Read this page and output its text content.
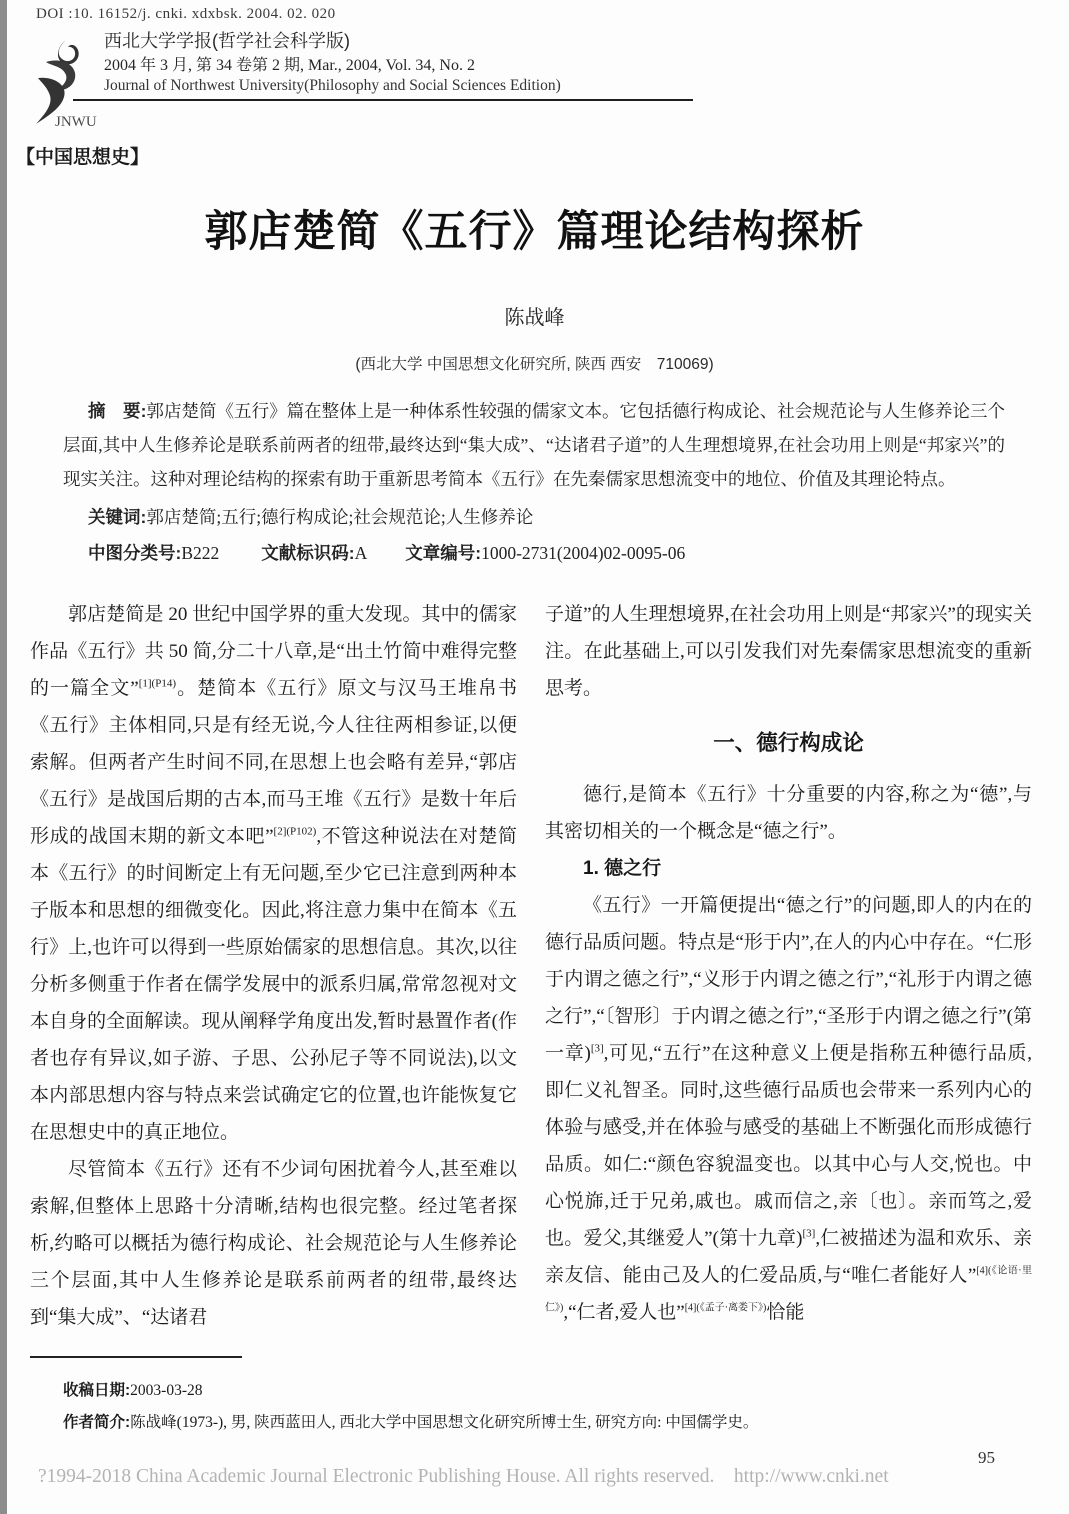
DOI :10. 16152/j. cnki. xdxbsk. 2004. 02. 020
JNWU
西北大学学报(哲学社会科学版)
2004 年 3 月, 第 34 卷第 2 期, Mar., 2004, Vol. 34, No. 2
Journal of Northwest University(Philosophy and Social Sciences Edition)
【中国思想史】
郭店楚简《五行》篇理论结构探析
陈战峰
(西北大学 中国思想文化研究所, 陕西 西安　710069)

摘　要:郭店楚简《五行》篇在整体上是一种体系性较强的儒家文本。它包括德行构成论、社会规范论与人生修养论三个层面,其中人生修养论是联系前两者的纽带,最终达到“集大成”、“达诸君子道”的人生理想境界,在社会功用上则是“邦家兴”的现实关注。这种对理论结构的探索有助于重新思考简本《五行》在先秦儒家思想流变中的地位、价值及其理论特点。

关键词:郭店楚简;五行;德行构成论;社会规范论;人生修养论

中图分类号:B222 文献标识码:A 文章编号:1000-2731(2004)02-0095-06

郭店楚简是 20 世纪中国学界的重大发现。其中的儒家作品《五行》共 50 简,分二十八章,是“出土竹简中难得完整的一篇全文”$^{[1](P14)}$。楚简本《五行》原文与汉马王堆帛书《五行》主体相同,只是有经无说,今人往往两相参证,以便索解。但两者产生时间不同,在思想上也会略有差异,“郭店《五行》是战国后期的古本,而马王堆《五行》是数十年后形成的战国末期的新文本吧”$^{[2](P102)}$,不管这种说法在对楚简本《五行》的时间断定上有无问题,至少它已注意到两种本子版本和思想的细微变化。因此,将注意力集中在简本《五行》上,也许可以得到一些原始儒家的思想信息。其次,以往分析多侧重于作者在儒学发展中的派系归属,常常忽视对文本自身的全面解读。现从阐释学角度出发,暂时悬置作者(作者也存有异议,如子游、子思、公孙尼子等不同说法),以文本内部思想内容与特点来尝试确定它的位置,也许能恢复它在思想史中的真正地位。

尽管简本《五行》还有不少词句困扰着今人,甚至难以索解,但整体上思路十分清晰,结构也很完整。经过笔者探析,约略可以概括为德行构成论、社会规范论与人生修养论三个层面,其中人生修养论是联系前两者的纽带,最终达到“集大成”、“达诸君

子道”的人生理想境界,在社会功用上则是“邦家兴”的现实关注。在此基础上,可以引发我们对先秦儒家思想流变的重新思考。

一、德行构成论

德行,是简本《五行》十分重要的内容,称之为“德”,与其密切相关的一个概念是“德之行”。

1. 德之行

《五行》一开篇便提出“德之行”的问题,即人的内在的德行品质问题。特点是“形于内”,在人的内心中存在。“仁形于内谓之德之行”,“义形于内谓之德之行”,“礼形于内谓之德之行”,“〔智形〕于内谓之德之行”,“圣形于内谓之德之行”(第一章)[3],可见,“五行”在这种意义上便是指称五种德行品质,即仁义礼智圣。同时,这些德行品质也会带来一系列内心的体验与感受,并在体验与感受的基础上不断强化而形成德行品质。如仁:“颜色容貌温变也。以其中心与人交,悦也。中心悦旆,迁于兄弟,戚也。戚而信之,亲〔也〕。亲而笃之,爱也。爱父,其继爱人”(第十九章)[3],仁被描述为温和欢乐、亲亲友信、能由己及人的仁爱品质,与“唯仁者能好人”$^{[4](《论语\cdot 里仁》)}$,“仁者,爱人也”$^{[4](《孟子\cdot 离娄下》)}$恰能

收稿日期:2003-03-28
作者简介:陈战峰(1973-), 男, 陕西蓝田人, 西北大学中国思想文化研究所博士生, 研究方向: 中国儒学史。
95
?1994-2018 China Academic Journal Electronic Publishing House. All rights reserved.    http://www.cnki.net
